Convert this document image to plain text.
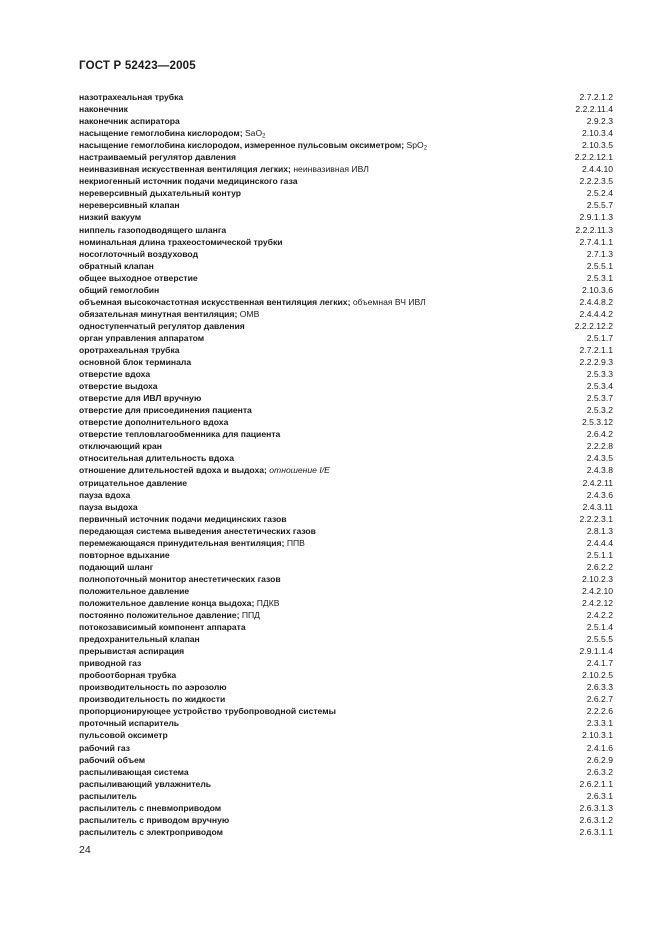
ГОСТ Р 52423—2005
назотрахеальная трубка	2.7.2.1.2
наконечник	2.2.2.11.4
наконечник аспиратора	2.9.2.3
насыщение гемоглобина кислородом; SaO$_2$	2.10.3.4
насыщение гемоглобина кислородом, измеренное пульсовым оксиметром; SpO$_2$	2.10.3.5
настраиваемый регулятор давления	2.2.2.12.1
неинвазивная искусственная вентиляция легких; неинвазивная ИВЛ	2.4.4.10
некриогенный источник подачи медицинского газа	2.2.2.3.5
нереверсивный дыхательный контур	2.5.2.4
нереверсивный клапан	2.5.5.7
низкий вакуум	2.9.1.1.3
ниппель газоподводящего шланга	2.2.2.11.3
номинальная длина трахеостомической трубки	2.7.4.1.1
носоглоточный воздуховод	2.7.1.3
обратный клапан	2.5.5.1
общее выходное отверстие	2.5.3.1
общий гемоглобин	2.10.3.6
объемная высокочастотная искусственная вентиляция легких; объемная ВЧ ИВЛ	2.4.4.8.2
обязательная минутная вентиляция; ОМВ	2.4.4.4.2
одноступенчатый регулятор давления	2.2.2.12.2
орган управления аппаратом	2.5.1.7
оротрахеальная трубка	2.7.2.1.1
основной блок терминала	2.2.2.9.3
отверстие вдоха	2.5.3.3
отверстие выдоха	2.5.3.4
отверстие для ИВЛ вручную	2.5.3.7
отверстие для присоединения пациента	2.5.3.2
отверстие дополнительного вдоха	2.5.3.12
отверстие тепловлагообменника для пациента	2.6.4.2
отключающий кран	2.2.2.8
относительная длительность вдоха	2.4.3.5
отношение длительностей вдоха и выдоха; отношение I/E	2.4.3.8
отрицательное давление	2.4.2.11
пауза вдоха	2.4.3.6
пауза выдоха	2.4.3.11
первичный источник подачи медицинских газов	2.2.2.3.1
передающая система выведения анестетических газов	2.8.1.3
перемежающаяся принудительная вентиляция; ППВ	2.4.4.4
повторное вдыхание	2.5.1.1
подающий шланг	2.6.2.2
полнопоточный монитор анестетических газов	2.10.2.3
положительное давление	2.4.2.10
положительное давление конца выдоха; ПДКВ	2.4.2.12
постоянно положительное давление; ППД	2.4.2.2
потокозависимый компонент аппарата	2.5.1.4
предохранительный клапан	2.5.5.5
прерывистая аспирация	2.9.1.1.4
приводной газ	2.4.1.7
пробоотборная трубка	2.10.2.5
производительность по аэрозолю	2.6.3.3
производительность по жидкости	2.6.2.7
пропорционирующее устройство трубопроводной системы	2.2.2.6
проточный испаритель	2.3.3.1
пульсовой оксиметр	2.10.3.1
рабочий газ	2.4.1.6
рабочий объем	2.6.2.9
распыливающая система	2.6.3.2
распыливающий увлажнитель	2.6.2.1.1
распылитель	2.6.3.1
распылитель с пневмоприводом	2.6.3.1.3
распылитель с приводом вручную	2.6.3.1.2
распылитель с электроприводом	2.6.3.1.1
24
